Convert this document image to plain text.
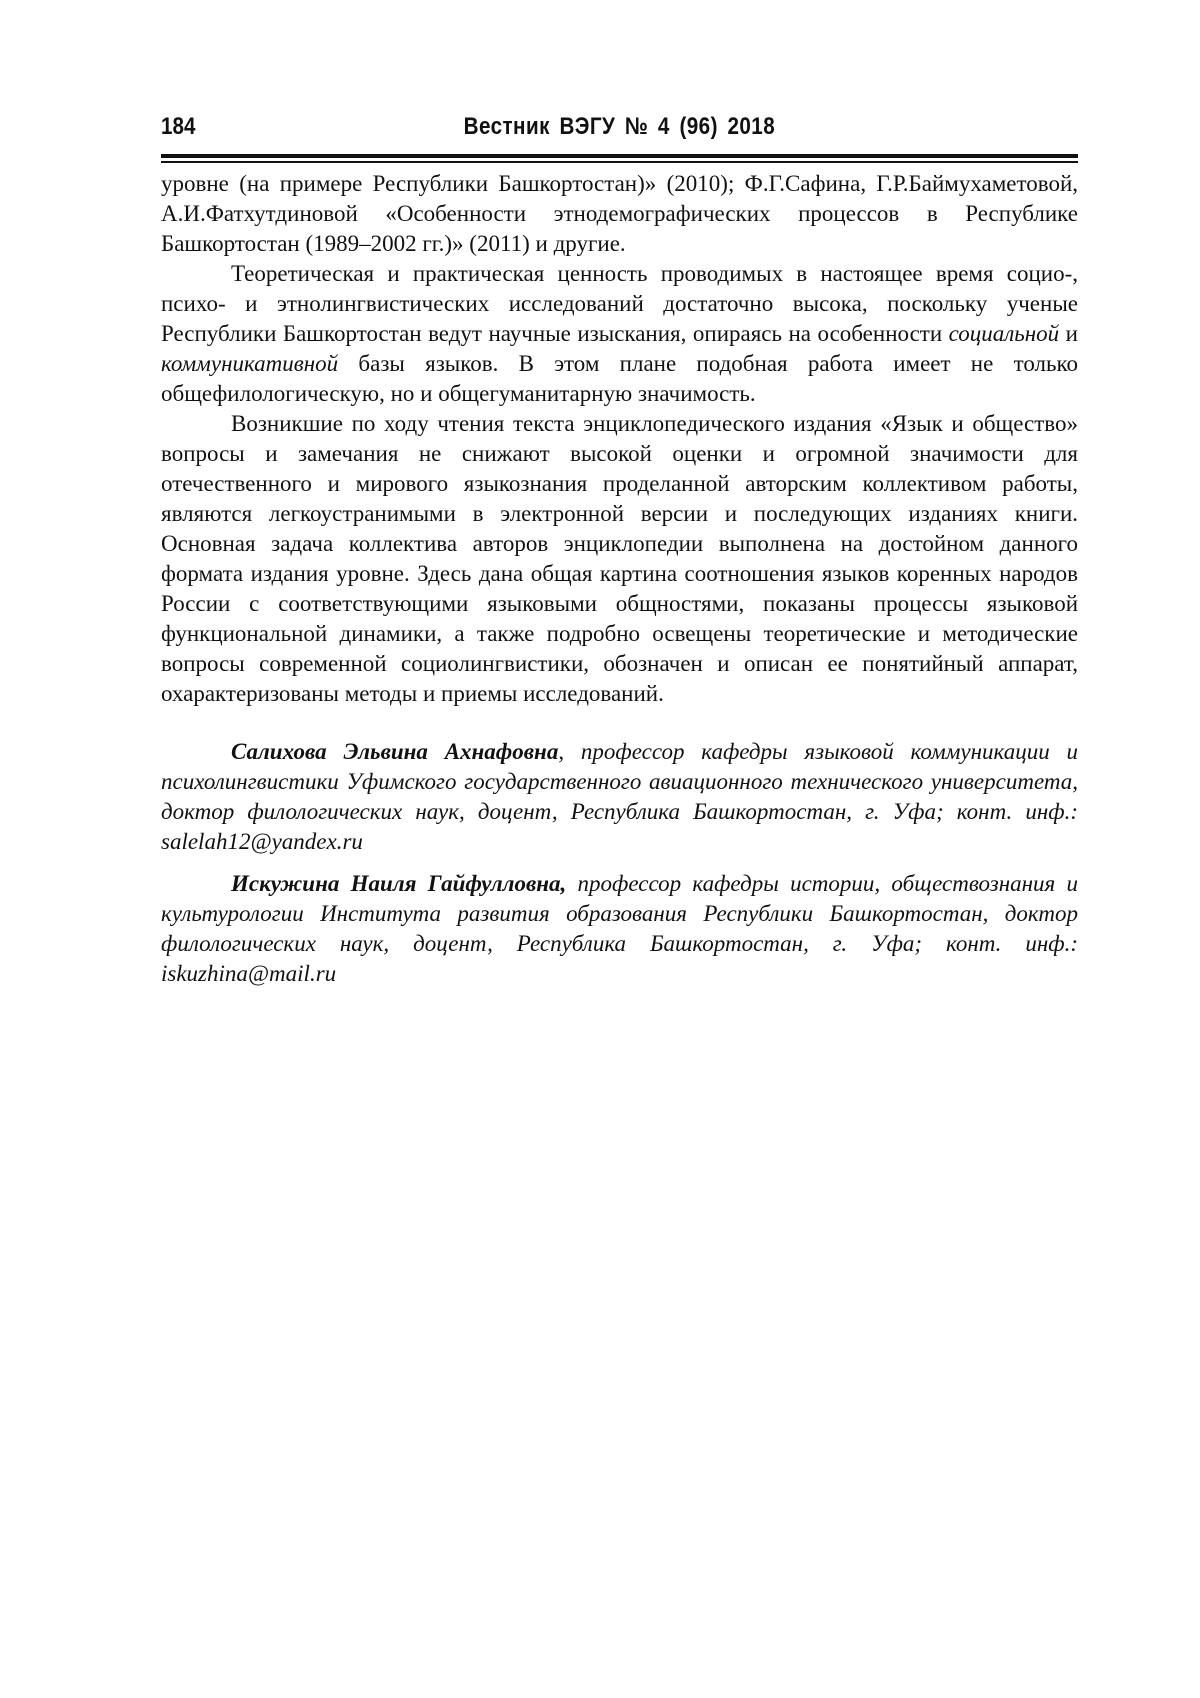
184	Вестник ВЭГУ № 4 (96) 2018

уровне (на примере Республики Башкортостан)» (2010); Ф.Г.Сафина, Г.Р.Баймухаметовой, А.И.Фатхутдиновой «Особенности этнодемографических процессов в Республике Башкортостан (1989–2002 гг.)» (2011) и другие.

Теоретическая и практическая ценность проводимых в настоящее время социо-, психо- и этнолингвистических исследований достаточно высока, поскольку ученые Республики Башкортостан ведут научные изыскания, опираясь на особенности социальной и коммуникативной базы языков. В этом плане подобная работа имеет не только общефилологическую, но и общегуманитарную значимость.

Возникшие по ходу чтения текста энциклопедического издания «Язык и общество» вопросы и замечания не снижают высокой оценки и огромной значимости для отечественного и мирового языкознания проделанной авторским коллективом работы, являются легкоустранимыми в электронной версии и последующих изданиях книги. Основная задача коллектива авторов энциклопедии выполнена на достойном данного формата издания уровне. Здесь дана общая картина соотношения языков коренных народов России с соответствующими языковыми общностями, показаны процессы языковой функциональной динамики, а также подробно освещены теоретические и методические вопросы современной социолингвистики, обозначен и описан ее понятийный аппарат, охарактеризованы методы и приемы исследований.

Салихова Эльвина Ахнафовна, профессор кафедры языковой коммуникации и психолингвистики Уфимского государственного авиационного технического университета, доктор филологических наук, доцент, Республика Башкортостан, г. Уфа; конт. инф.: salelah12@yandex.ru

Искужина Наиля Гайфулловна, профессор кафедры истории, обществознания и культурологии Института развития образования Республики Башкортостан, доктор филологических наук, доцент, Республика Башкортостан, г. Уфа; конт. инф.: iskuzhina@mail.ru
